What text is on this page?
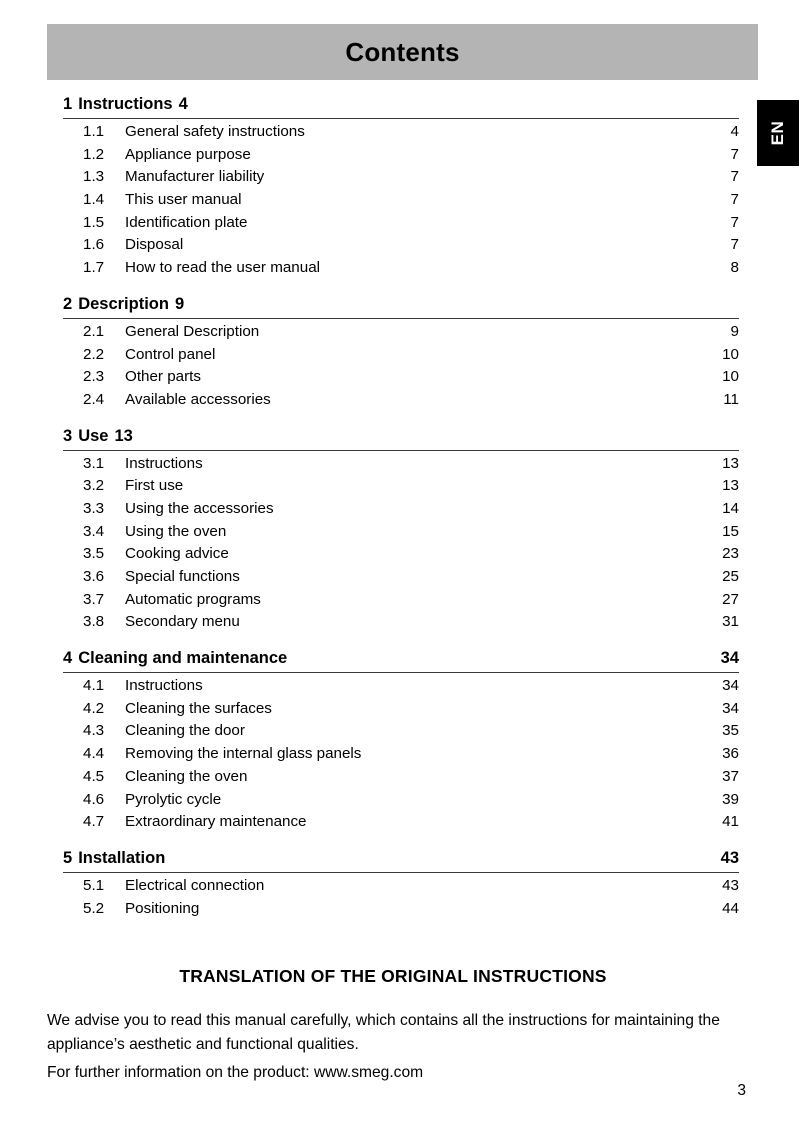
Contents
EN
1 Instructions 4
1.1	General safety instructions	4
1.2	Appliance purpose	7
1.3	Manufacturer liability	7
1.4	This user manual	7
1.5	Identification plate	7
1.6	Disposal	7
1.7	How to read the user manual	8
2 Description 9
2.1	General Description	9
2.2	Control panel	10
2.3	Other parts	10
2.4	Available accessories	11
3 Use 13
3.1	Instructions	13
3.2	First use	13
3.3	Using the accessories	14
3.4	Using the oven	15
3.5	Cooking advice	23
3.6	Special functions	25
3.7	Automatic programs	27
3.8	Secondary menu	31
4 Cleaning and maintenance	34
4.1	Instructions	34
4.2	Cleaning the surfaces	34
4.3	Cleaning the door	35
4.4	Removing the internal glass panels	36
4.5	Cleaning the oven	37
4.6	Pyrolytic cycle	39
4.7	Extraordinary maintenance	41
5 Installation	43
5.1	Electrical connection	43
5.2	Positioning	44
TRANSLATION OF THE ORIGINAL INSTRUCTIONS

We advise you to read this manual carefully, which contains all the instructions for maintaining the appliance’s aesthetic and functional qualities.

For further information on the product: www.smeg.com

3
